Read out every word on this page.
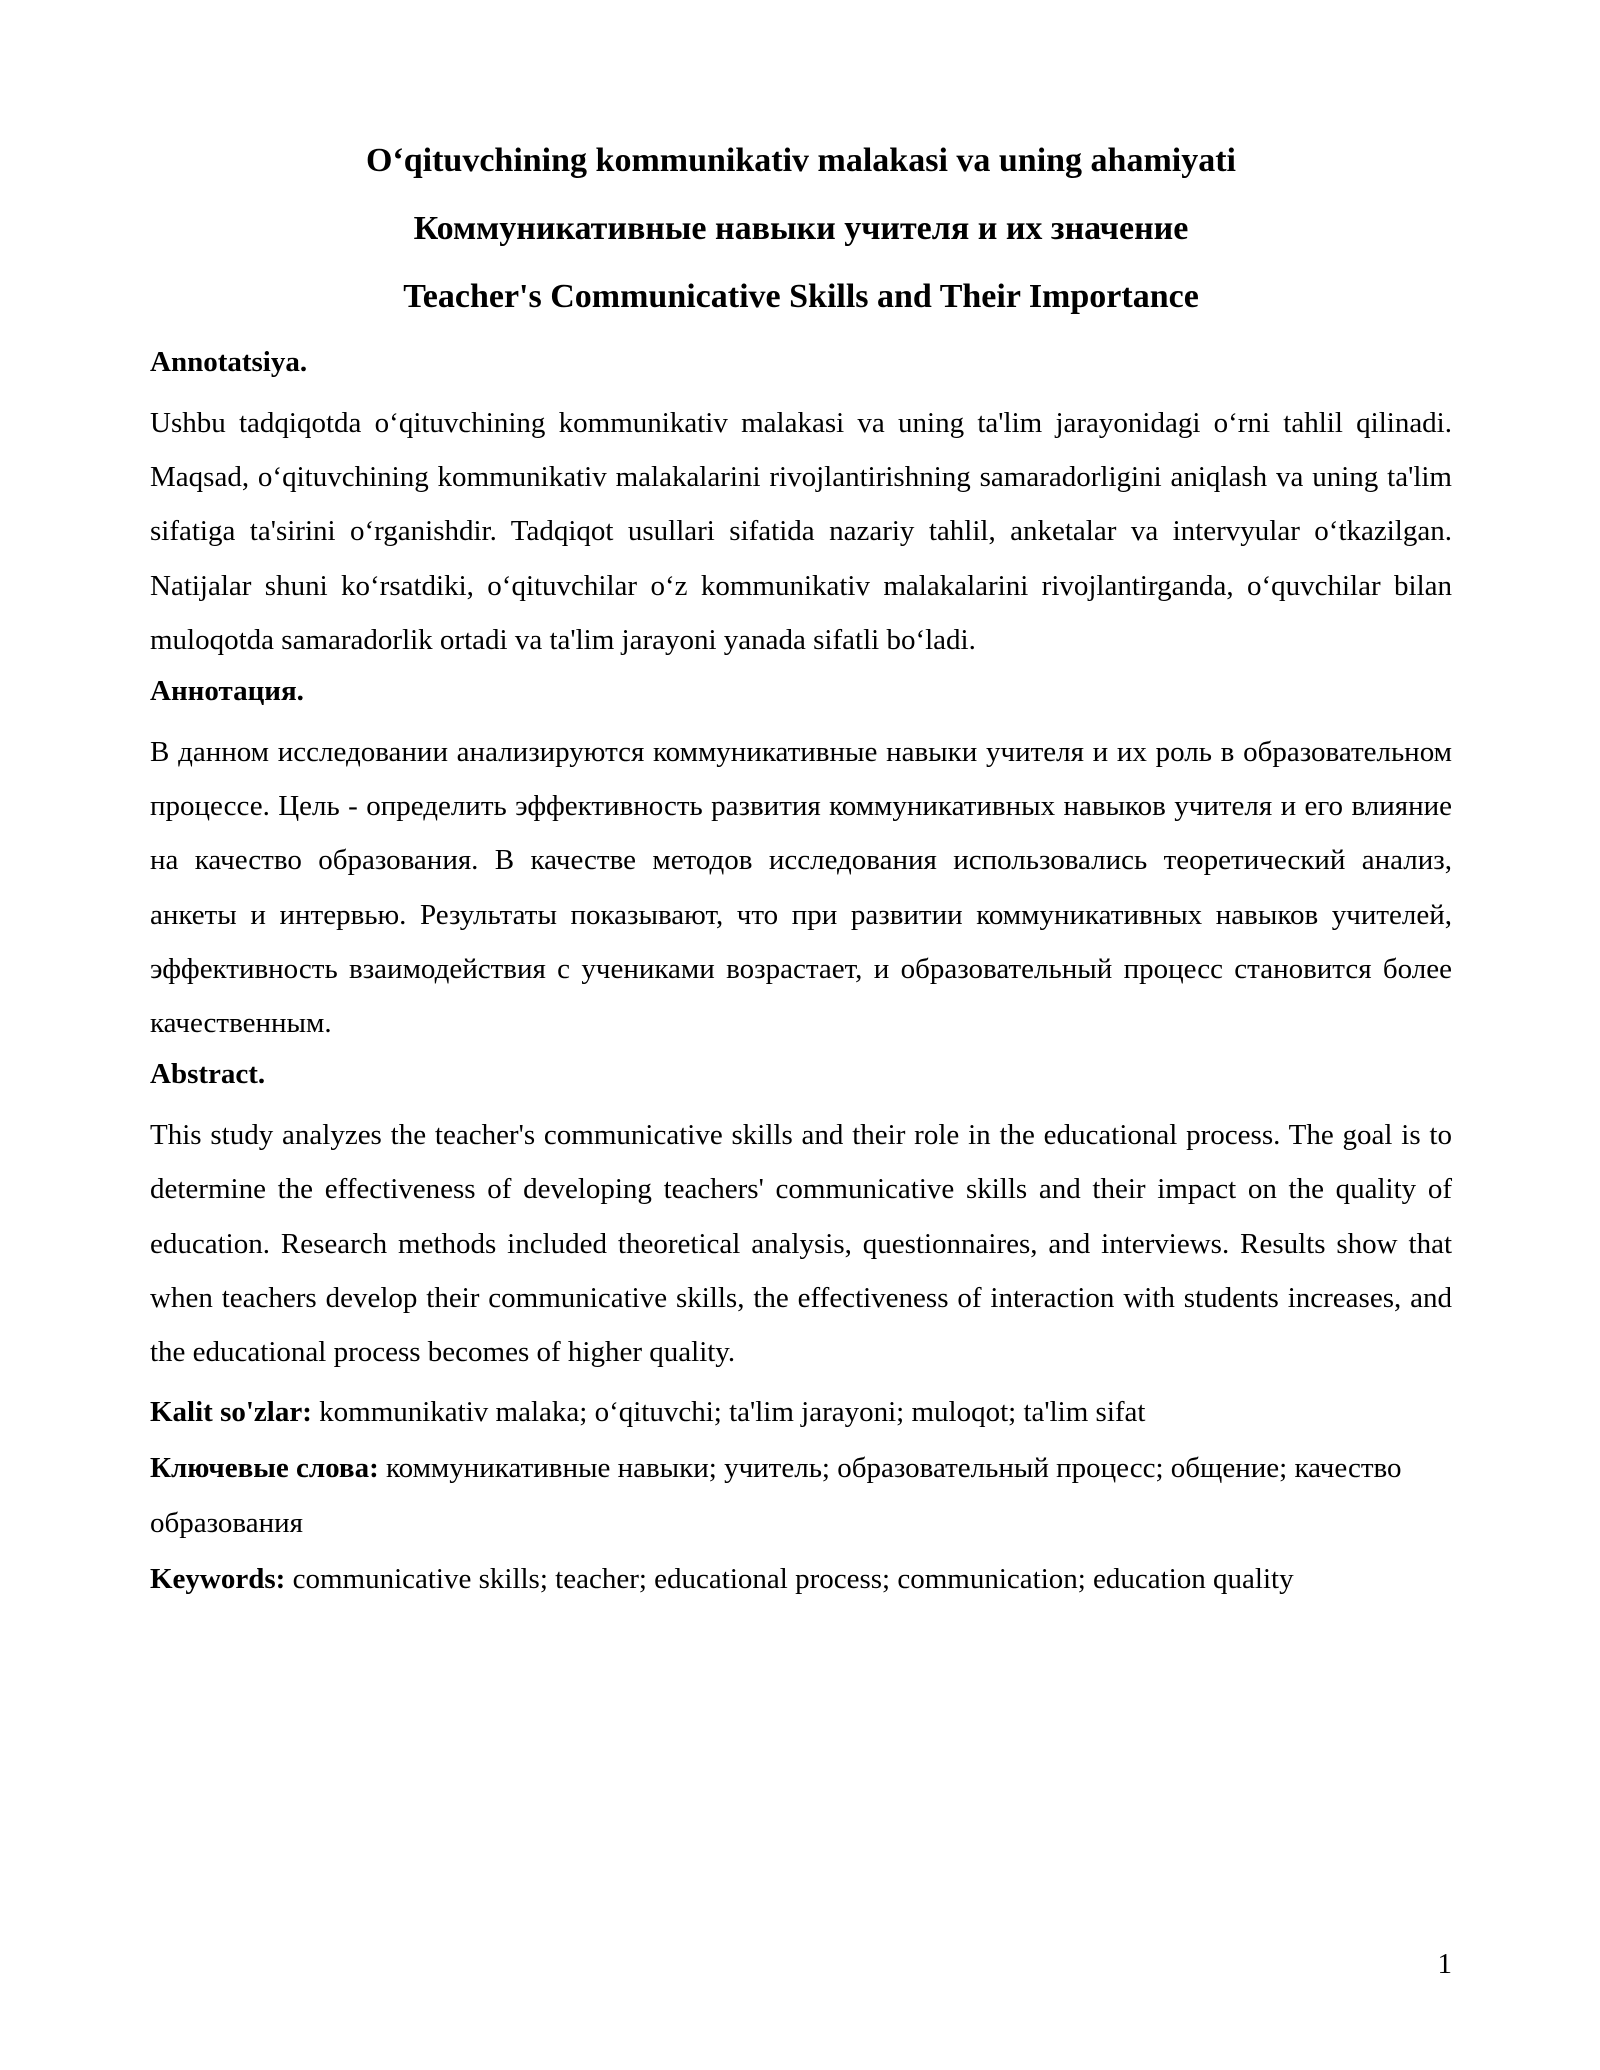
O‘qituvchining kommunikativ malakasi va uning ahamiyati
Коммуникативные навыки учителя и их значение
Teacher's Communicative Skills and Their Importance
Annotatsiya.
Ushbu tadqiqotda o‘qituvchining kommunikativ malakasi va uning ta'lim jarayonidagi o‘rni tahlil qilinadi. Maqsad, o‘qituvchining kommunikativ malakalarini rivojlantirishning samaradorligini aniqlash va uning ta'lim sifatiga ta'sirini o‘rganishdir. Tadqiqot usullari sifatida nazariy tahlil, anketalar va intervyular o‘tkazilgan. Natijalar shuni ko‘rsatdiki, o‘qituvchilar o‘z kommunikativ malakalarini rivojlantirganda, o‘quvchilar bilan muloqotda samaradorlik ortadi va ta'lim jarayoni yanada sifatli bo‘ladi.
Аннотация.
В данном исследовании анализируются коммуникативные навыки учителя и их роль в образовательном процессе. Цель - определить эффективность развития коммуникативных навыков учителя и его влияние на качество образования. В качестве методов исследования использовались теоретический анализ, анкеты и интервью. Результаты показывают, что при развитии коммуникативных навыков учителей, эффективность взаимодействия с учениками возрастает, и образовательный процесс становится более качественным.
Abstract.
This study analyzes the teacher's communicative skills and their role in the educational process. The goal is to determine the effectiveness of developing teachers' communicative skills and their impact on the quality of education. Research methods included theoretical analysis, questionnaires, and interviews. Results show that when teachers develop their communicative skills, the effectiveness of interaction with students increases, and the educational process becomes of higher quality.
Kalit so'zlar: kommunikativ malaka; o‘qituvchi; ta'lim jarayoni; muloqot; ta'lim sifat
Ключевые слова: коммуникативные навыки; учитель; образовательный процесс; общение; качество образования
Keywords: communicative skills; teacher; educational process; communication; education quality
1
